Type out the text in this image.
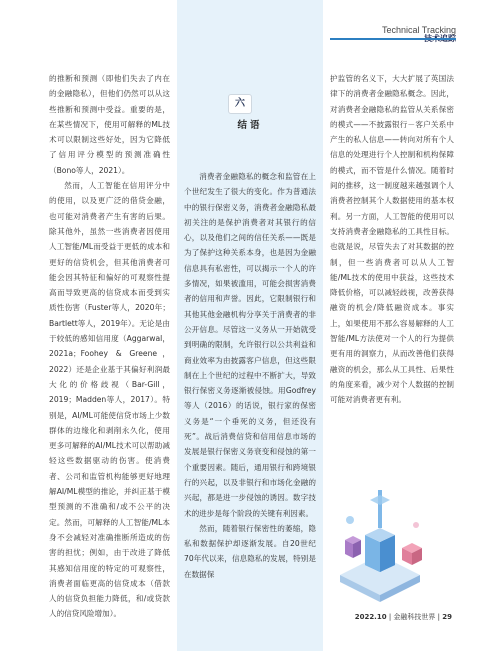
Technical Tracking

的推断和预测（即他们失去了内在的金融隐私），但他们仍然可以从这些推断和预测中受益。重要的是，在某些情况下，使用可解释的ML技术可以限制这些好处，因为它降低了信用评分模型的预测准确性（Bono等人，2021）。

然而，人工智能在信用评分中的使用，以及更广泛的借贷金融，也可能对消费者产生有害的后果。除其他外，虽然一些消费者因使用人工智能/ML而受益于更低的成本和更好的信贷机会，但其他消费者可能会因其特征和偏好的可观察性提高而导致更高的信贷成本而受到实质性伤害（Fuster等人，2020年；Bartlett等人，2019年）。无论是由于较低的感知信用度（Aggarwal，2021a；Foohey & Greene，2022）还是企业基于其偏好利润最大化的价格歧视（Bar-Gill，2019；Madden等人，2017）。特别是，AI/ML可能使信贷市场上少数群体的边缘化和剥削永久化，使用更多可解释的AI/ML技术可以帮助减轻这些数据驱动的伤害。使消费者、公司和监管机构能够更好地理解AI/ML模型的推论，并纠正基于模型预测的不准确和/或不公平的决定。然而，可解释的人工智能/ML本身不会减轻对准确推断所造成的伤害的担忧；例如，由于改进了降低其感知信用度的特定的可观察性，消费者面临更高的信贷成本（借款人的信贷负担能力降低，和/或贷款人的信贷风险增加）。

六
结语

消费者金融隐私的概念和监管在上个世纪发生了很大的变化。作为普通法中的银行保密义务，消费者金融隐私最初关注的是保护消费者对其银行的信心，以及他们之间的信任关系——既是为了保护这种关系本身，也是因为金融信息具有私密性，可以揭示一个人的许多情况，如果被滥用，可能会损害消费者的信用和声誉。因此，它限制银行和其他其他金融机构分享关于消费者的非公开信息。尽管这一义务从一开始就受到明确的限制，允许银行以公共利益和商业效率为由披露客户信息，但这些限制在上个世纪的过程中不断扩大，导致银行保密义务逐渐被侵蚀。用Godfrey等人（2016）的话说，银行家的保密义务是“一个垂死的义务，但还没有死”。战后消费信贷和信用信息市场的发展是银行保密义务衰变和侵蚀的第一个重要因素。随后，通用银行和跨境银行的兴起，以及非银行和市场化金融的兴起，都是进一步侵蚀的诱因。数字技术的进步是每个阶段的关键有利因素。

然而，随着银行保密性的萎缩，隐私和数据保护却逐渐发展。自20世纪70年代以来，信息隐私的发展，特别是在数据保

护监管的名义下，大大扩展了英国法律下的消费者金融隐私概念。因此，对消费者金融隐私的监管从关系保密的模式——不披露银行－客户关系中产生的私人信息——转向对所有个人信息的处理进行个人控制和机构保障的模式，而不管是什么情况。随着时间的推移，这一制度越来越强调个人消费者控制其个人数据使用的基本权利。另一方面，人工智能的使用可以支持消费者金融隐私的工具性目标。也就是说，尽管失去了对其数据的控制，但一些消费者可以从人工智能/ML技术的使用中获益，这些技术降低价格，可以减轻歧视，改善获得融资的机会/降低融资成本。事实上，如果使用不那么容易解释的人工智能/ML方法使对一个人的行为提供更有用的洞察力，从而改善他们获得融资的机会，那么从工具性、后果性的角度来看，减少对个人数据的控制可能对消费者更有利。

2022.10 | 金融科技世界 | 29
